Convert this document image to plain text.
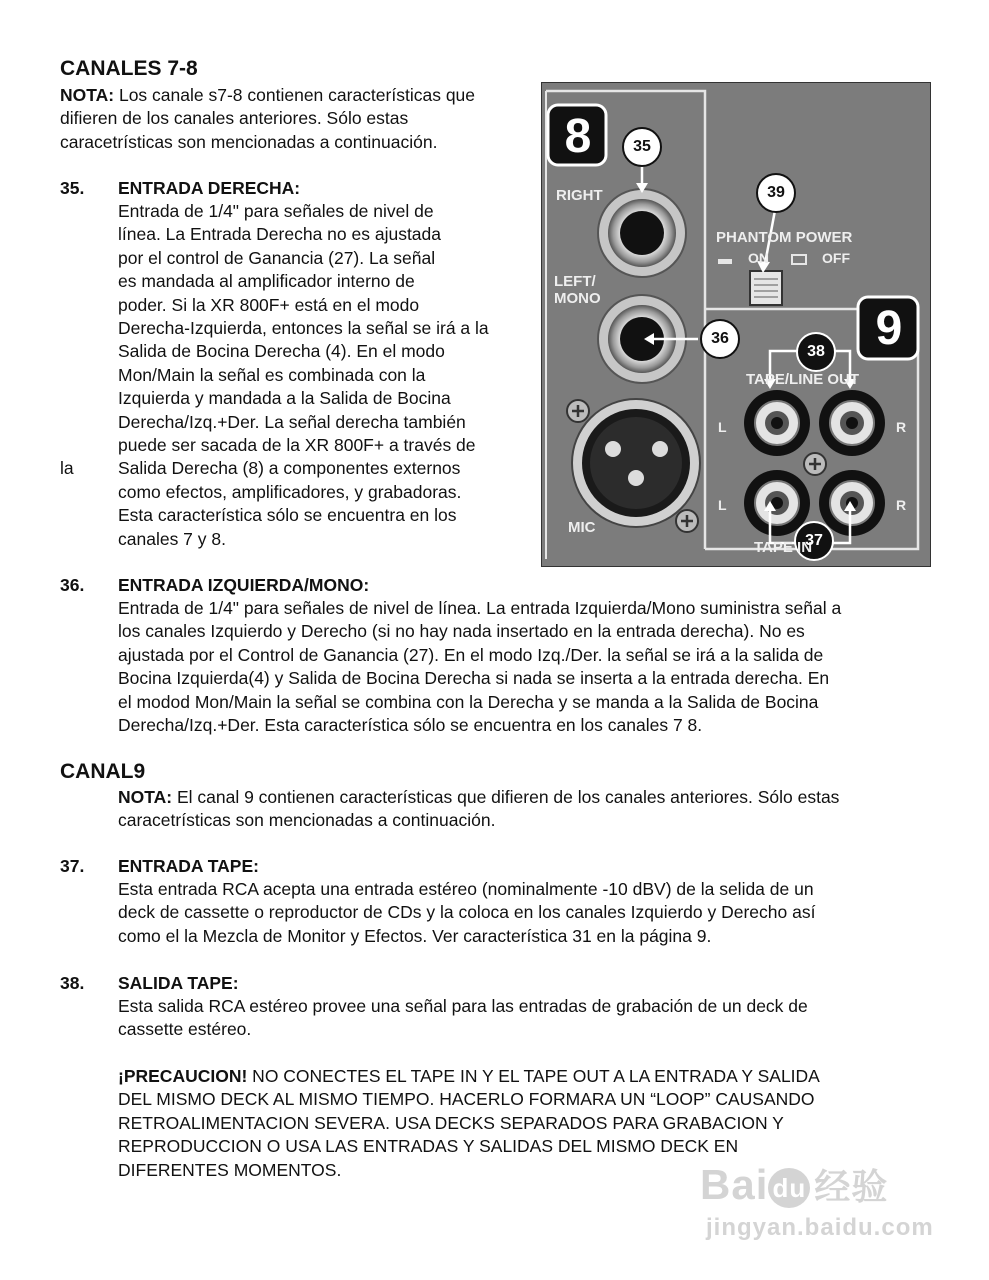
CANALES 7-8
NOTA: Los canale s7-8 contienen características que
difieren de los canales anteriores. Sólo estas
caracetrísticas son mencionadas a continuación.
35. ENTRADA DERECHA:
Entrada de 1/4" para señales de nivel de
línea. La Entrada Derecha no es ajustada
por el control de Ganancia (27). La señal
es mandada al amplificador interno de
poder. Si la XR 800F+ está en el modo
Derecha-Izquierda, entonces la señal se irá a la
Salida de Bocina Derecha (4). En el modo
Mon/Main la señal es combinada con la
Izquierda y mandada a la Salida de Bocina
Derecha/Izq.+Der. La señal derecha también
puede ser sacada de la XR 800F+ a través de
Salida Derecha (8) a componentes externos
como efectos, amplificadores, y grabadoras.
Esta característica sólo se encuentra en los
canales 7 y 8.
la
8
9
RIGHT
LEFT/
MONO
MIC
PHANTOM POWER
ON	OFF
TAPE/LINE OUT
TAPE IN
L	R
L	R
35
39
36
38
37
36. ENTRADA IZQUIERDA/MONO:
Entrada de 1/4" para señales de nivel de línea. La entrada Izquierda/Mono suministra señal a
los canales Izquierdo y Derecho (si no hay nada insertado en la entrada derecha). No es
ajustada por el Control de Ganancia (27). En el modo Izq./Der. la señal se irá a la salida de
Bocina Izquierda(4) y Salida de Bocina Derecha si nada se inserta a la entrada derecha. En
el modod Mon/Main la señal se combina con la Derecha y se manda a la Salida de Bocina
Derecha/Izq.+Der. Esta característica sólo se encuentra en los canales 7 8.
CANAL9
NOTA: El canal 9 contienen características que difieren de los canales anteriores. Sólo estas
caracetrísticas son mencionadas a continuación.
37. ENTRADA TAPE:
Esta entrada RCA acepta una entrada estéreo (nominalmente -10 dBV) de la selida de un
deck de cassette o reproductor de CDs y la coloca en los canales Izquierdo y Derecho así
como el la Mezcla de Monitor y Efectos. Ver característica 31 en la página 9.
38. SALIDA TAPE:
Esta salida RCA estéreo provee una señal para las entradas de grabación de un deck de
cassette estéreo.
¡PRECAUCION! NO CONECTES EL TAPE IN Y EL TAPE OUT A LA ENTRADA Y SALIDA
DEL MISMO DECK AL MISMO TIEMPO. HACERLO FORMARA UN “LOOP” CAUSANDO
RETROALIMENTACION SEVERA. USA DECKS SEPARADOS PARA GRABACION Y
REPRODUCCION O USA LAS ENTRADAS Y SALIDAS DEL MISMO DECK EN
DIFERENTES MOMENTOS.	Bai du 经验
jingyan.baidu.com
